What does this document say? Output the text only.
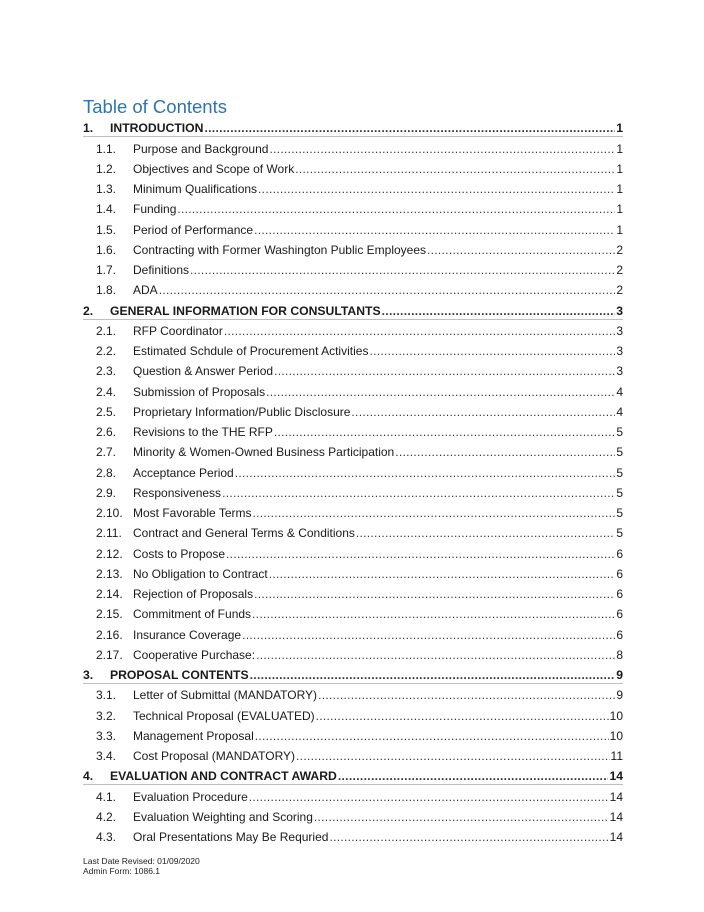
Table of Contents
1.	INTRODUCTION .....	1
1.1.	Purpose and Background .....	1
1.2.	Objectives and Scope of Work .....	1
1.3.	Minimum Qualifications .....	1
1.4.	Funding .....	1
1.5.	Period of Performance .....	1
1.6.	Contracting with Former Washington Public Employees .....	2
1.7.	Definitions .....	2
1.8.	ADA .....	2
2.	GENERAL INFORMATION FOR CONSULTANTS .....	3
2.1.	RFP Coordinator .....	3
2.2.	Estimated Schdule of Procurement Activities .....	3
2.3.	Question & Answer Period .....	3
2.4.	Submission of Proposals .....	4
2.5.	Proprietary Information/Public Disclosure .....	4
2.6.	Revisions to the THE RFP .....	5
2.7.	Minority & Women-Owned Business Participation .....	5
2.8.	Acceptance Period .....	5
2.9.	Responsiveness .....	5
2.10. Most Favorable Terms .....	5
2.11. Contract and General Terms & Conditions .....	5
2.12. Costs to Propose .....	6
2.13. No Obligation to Contract .....	6
2.14. Rejection of Proposals .....	6
2.15. Commitment of Funds .....	6
2.16. Insurance Coverage .....	6
2.17. Cooperative Purchase: .....	8
3.	PROPOSAL CONTENTS .....	9
3.1.	Letter of Submittal (MANDATORY) .....	9
3.2.	Technical Proposal (EVALUATED) .....	10
3.3.	Management Proposal .....	10
3.4.	Cost Proposal (MANDATORY) .....	11
4.	EVALUATION AND CONTRACT AWARD .....	14
4.1.	Evaluation Procedure .....	14
4.2.	Evaluation Weighting and Scoring .....	14
4.3.	Oral Presentations May Be Requried .....	14
Last Date Revised: 01/09/2020
Admin Form: 1086.1
